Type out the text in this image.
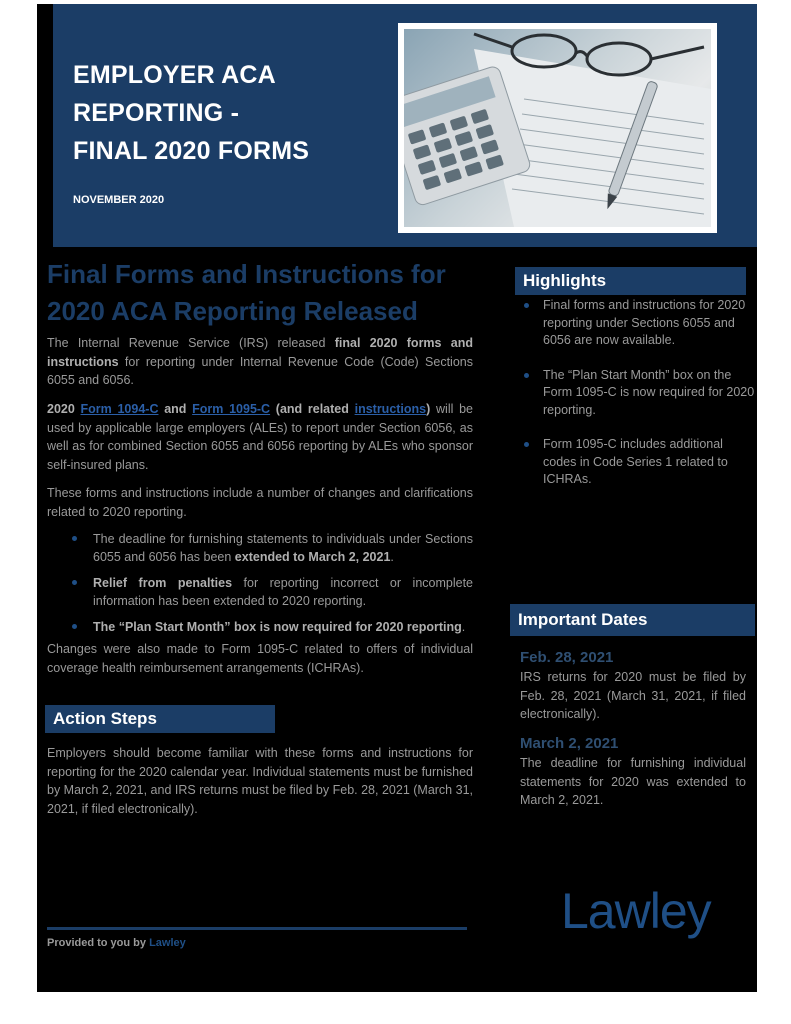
EMPLOYER ACA
REPORTING -
FINAL 2020 FORMS
NOVEMBER 2020
Final Forms and Instructions for
2020 ACA Reporting Released

The Internal Revenue Service (IRS) released final 2020 forms and instructions for reporting under Internal Revenue Code (Code) Sections 6055 and 6056.

2020 Form 1094-C and Form 1095-C (and related instructions) will be used by applicable large employers (ALEs) to report under Section 6056, as well as for combined Section 6055 and 6056 reporting by ALEs who sponsor self-insured plans.

These forms and instructions include a number of changes and clarifications related to 2020 reporting.

The deadline for furnishing statements to individuals under Sections 6055 and 6056 has been extended to March 2, 2021.
Relief from penalties for reporting incorrect or incomplete information has been extended to 2020 reporting.
The “Plan Start Month” box is now required for 2020 reporting.

Changes were also made to Form 1095-C related to offers of individual coverage health reimbursement arrangements (ICHRAs).

Action Steps

Employers should become familiar with these forms and instructions for reporting for the 2020 calendar year. Individual statements must be furnished by March 2, 2021, and IRS returns must be filed by Feb. 28, 2021 (March 31, 2021, if filed electronically).

Highlights
Final forms and instructions for 2020 reporting under Sections 6055 and 6056 are now available.
The “Plan Start Month” box on the Form 1095-C is now required for 2020 reporting.
Form 1095-C includes additional codes in Code Series 1 related to ICHRAs.
Important Dates
Feb. 28, 2021

IRS returns for 2020 must be filed by Feb. 28, 2021 (March 31, 2021, if filed electronically).

March 2, 2021

The deadline for furnishing individual statements for 2020 was extended to March 2, 2021.

Provided to you by Lawley
Lawley
